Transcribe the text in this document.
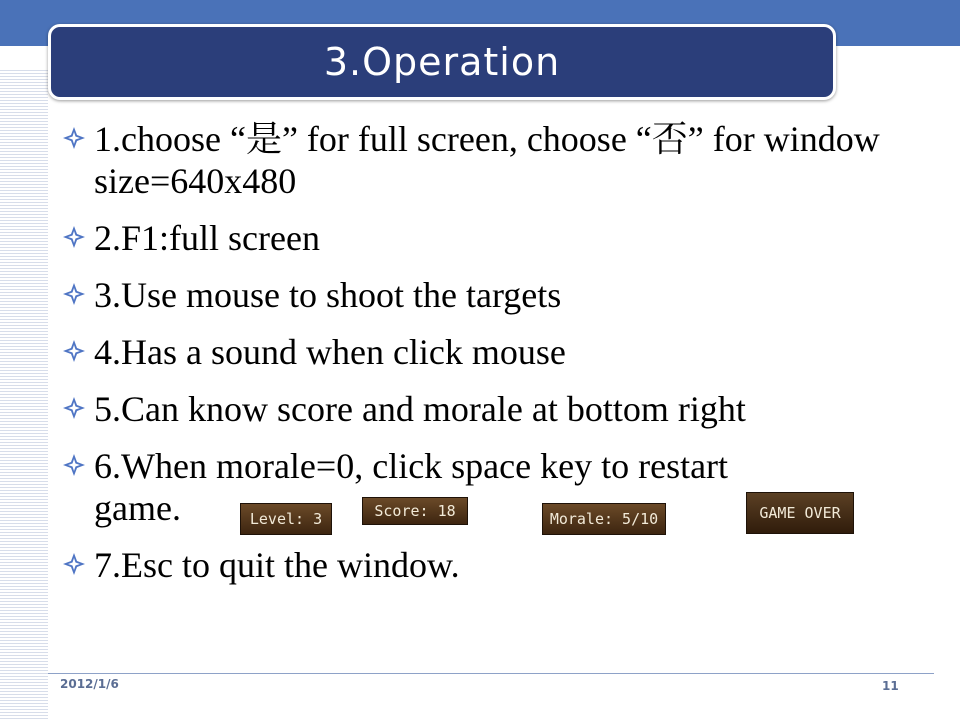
3.Operation
1.choose “是” for full screen, choose “否” for window size=640x480
2.F1:full screen
3.Use mouse to shoot the targets
4.Has a sound when click mouse
5.Can know score and morale at bottom right
6.When morale=0, click space key to restart
game.	Level: 3	Score: 18	Morale: 5/10	GAME OVER
7.Esc to quit the window.
2012/1/6	11
